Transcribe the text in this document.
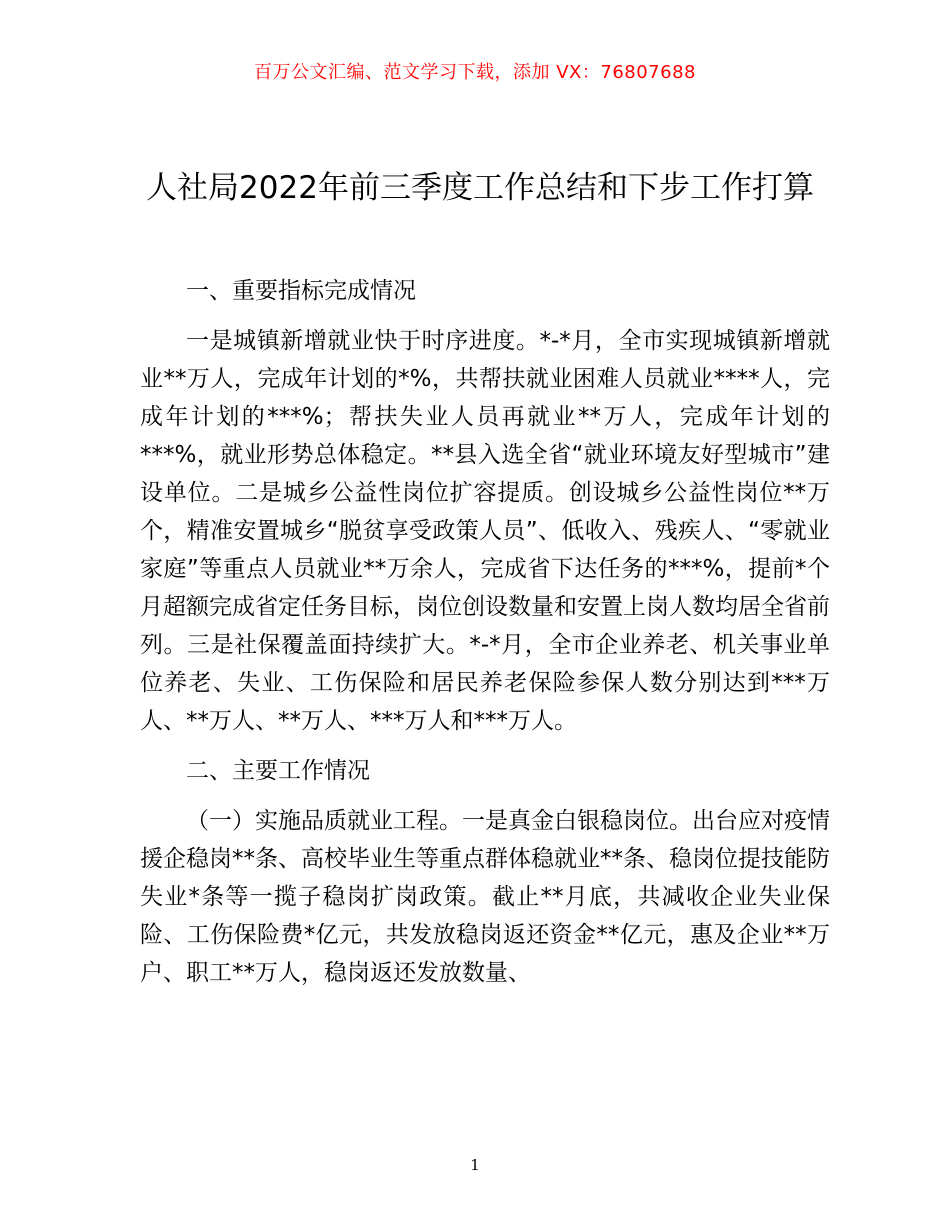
百万公文汇编、范文学习下载，添加 VX：76807688
人社局2022年前三季度工作总结和下步工作打算

一、重要指标完成情况

一是城镇新增就业快于时序进度。*-*月，全市实现城镇新增就业**万人，完成年计划的*%，共帮扶就业困难人员就业****人，完成年计划的***%；帮扶失业人员再就业**万人，完成年计划的***%，就业形势总体稳定。**县入选全省“就业环境友好型城市”建设单位。二是城乡公益性岗位扩容提质。创设城乡公益性岗位**万个，精准安置城乡“脱贫享受政策人员”、低收入、残疾人、“零就业家庭”等重点人员就业**万余人，完成省下达任务的***%，提前*个月超额完成省定任务目标，岗位创设数量和安置上岗人数均居全省前列。三是社保覆盖面持续扩大。*-*月，全市企业养老、机关事业单位养老、失业、工伤保险和居民养老保险参保人数分别达到***万人、**万人、**万人、***万人和***万人。

二、主要工作情况

（一）实施品质就业工程。一是真金白银稳岗位。出台应对疫情援企稳岗**条、高校毕业生等重点群体稳就业**条、稳岗位提技能防失业*条等一揽子稳岗扩岗政策。截止**月底，共减收企业失业保险、工伤保险费*亿元，共发放稳岗返还资金**亿元，惠及企业**万户、职工**万人，稳岗返还发放数量、

1
